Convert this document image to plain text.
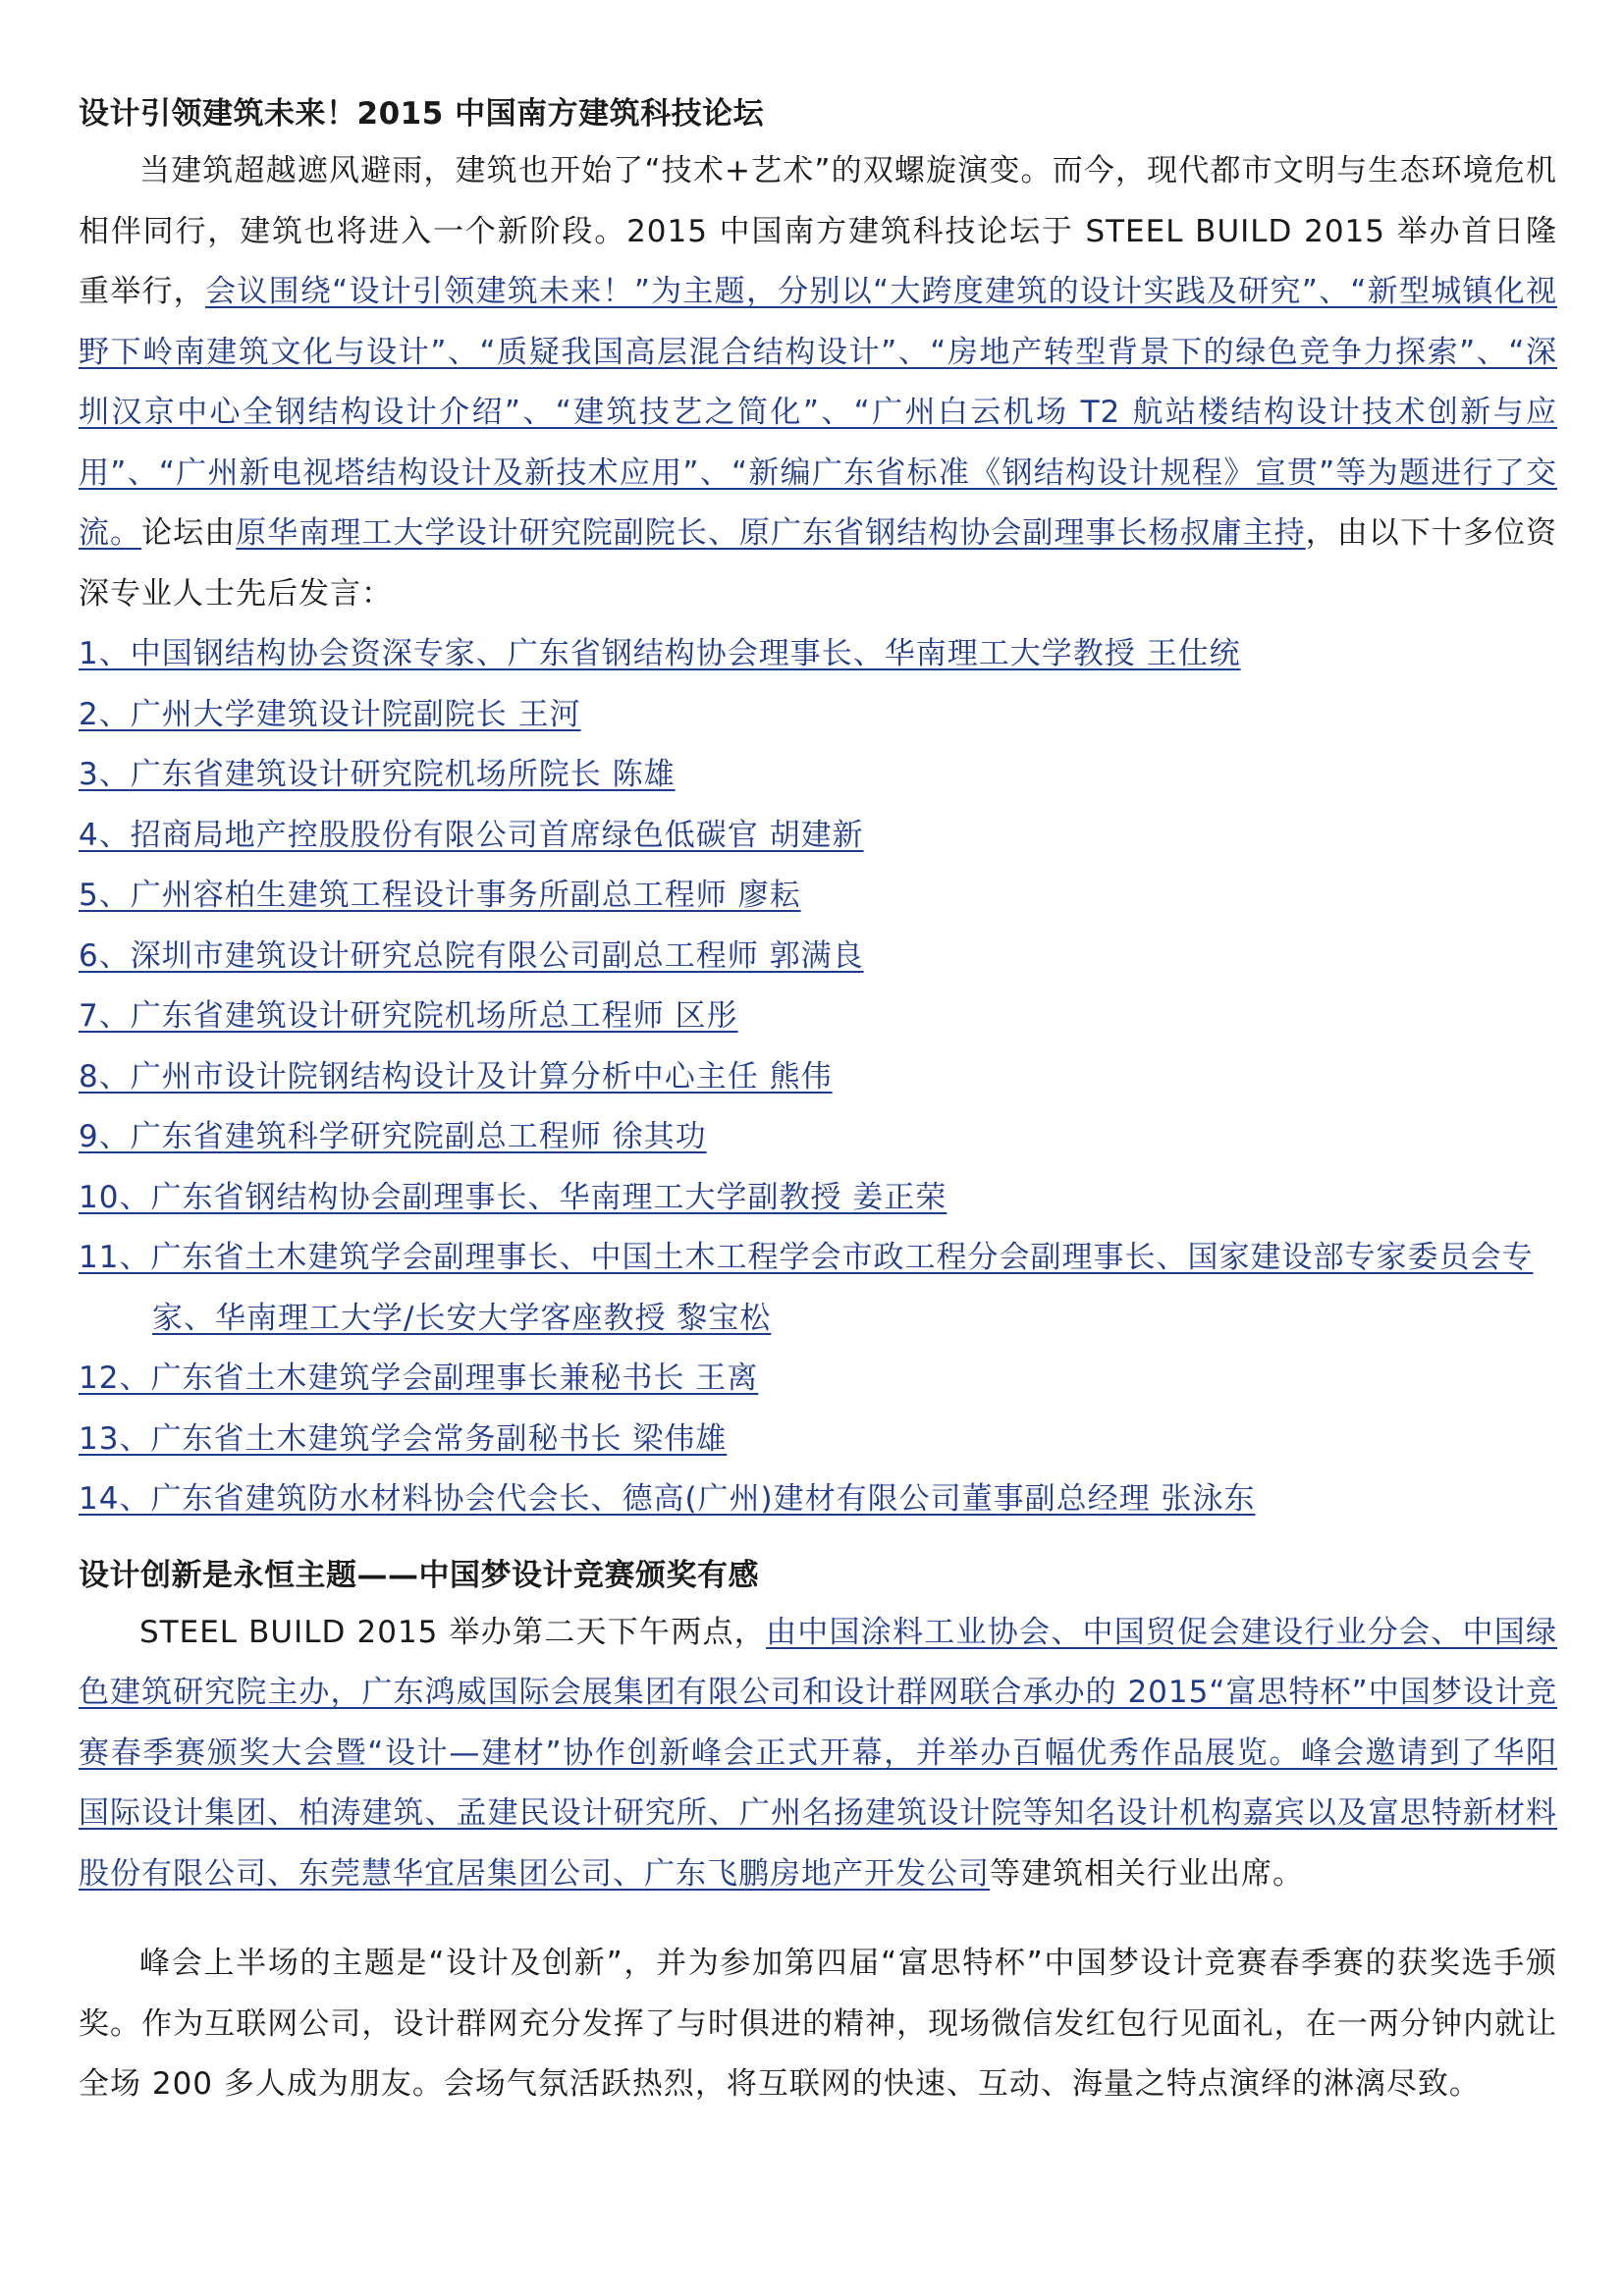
设计引领建筑未来！2015 中国南方建筑科技论坛

当建筑超越遮风避雨，建筑也开始了“技术+艺术”的双螺旋演变。而今，现代都市文明与生态环境危机相伴同行，建筑也将进入一个新阶段。2015 中国南方建筑科技论坛于 STEEL BUILD 2015 举办首日隆重举行，会议围绕“设计引领建筑未来！”为主题，分别以“大跨度建筑的设计实践及研究”、“新型城镇化视野下岭南建筑文化与设计”、“质疑我国高层混合结构设计”、“房地产转型背景下的绿色竞争力探索”、“深圳汉京中心全钢结构设计介绍”、“建筑技艺之简化”、“广州白云机场 T2 航站楼结构设计技术创新与应用”、“广州新电视塔结构设计及新技术应用”、“新编广东省标准《钢结构设计规程》宣贯”等为题进行了交流。论坛由原华南理工大学设计研究院副院长、原广东省钢结构协会副理事长杨叔庸主持，由以下十多位资深专业人士先后发言：

1、中国钢结构协会资深专家、广东省钢结构协会理事长、华南理工大学教授 王仕统
2、广州大学建筑设计院副院长 王河
3、广东省建筑设计研究院机场所院长 陈雄
4、招商局地产控股股份有限公司首席绿色低碳官 胡建新
5、广州容柏生建筑工程设计事务所副总工程师 廖耘
6、深圳市建筑设计研究总院有限公司副总工程师 郭满良
7、广东省建筑设计研究院机场所总工程师 区彤
8、广州市设计院钢结构设计及计算分析中心主任 熊伟
9、广东省建筑科学研究院副总工程师 徐其功
10、广东省钢结构协会副理事长、华南理工大学副教授 姜正荣
11、广东省土木建筑学会副理事长、中国土木工程学会市政工程分会副理事长、国家建设部专家委员会专家、华南理工大学/长安大学客座教授 黎宝松
12、广东省土木建筑学会副理事长兼秘书长 王离
13、广东省土木建筑学会常务副秘书长 梁伟雄
14、广东省建筑防水材料协会代会长、德高(广州)建材有限公司董事副总经理 张泳东
设计创新是永恒主题——中国梦设计竞赛颁奖有感

STEEL BUILD 2015 举办第二天下午两点，由中国涂料工业协会、中国贸促会建设行业分会、中国绿色建筑研究院主办，广东鸿威国际会展集团有限公司和设计群网联合承办的 2015“富思特杯”中国梦设计竞赛春季赛颁奖大会暨“设计—建材”协作创新峰会正式开幕，并举办百幅优秀作品展览。峰会邀请到了华阳国际设计集团、柏涛建筑、孟建民设计研究所、广州名扬建筑设计院等知名设计机构嘉宾以及富思特新材料股份有限公司、东莞慧华宜居集团公司、广东飞鹏房地产开发公司等建筑相关行业出席。

峰会上半场的主题是“设计及创新”，并为参加第四届“富思特杯”中国梦设计竞赛春季赛的获奖选手颁奖。作为互联网公司，设计群网充分发挥了与时俱进的精神，现场微信发红包行见面礼，在一两分钟内就让全场 200 多人成为朋友。会场气氛活跃热烈，将互联网的快速、互动、海量之特点演绎的淋漓尽致。
